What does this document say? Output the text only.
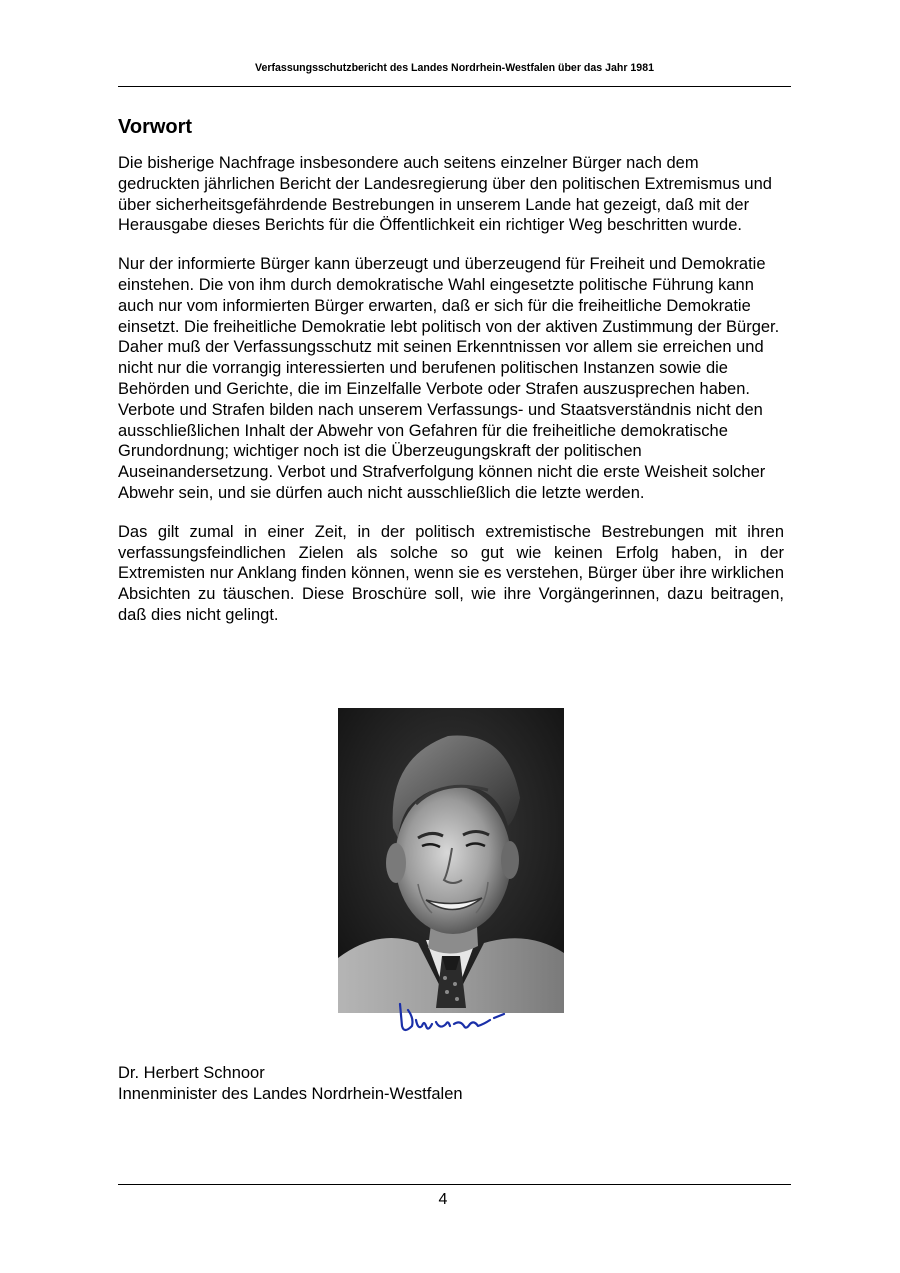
Verfassungsschutzbericht des Landes Nordrhein-Westfalen über das Jahr 1981
Vorwort

Die bisherige Nachfrage insbesondere auch seitens einzelner Bürger nach dem gedruckten jährlichen Bericht der Landesregierung über den politischen Extremismus und über sicherheitsgefährdende Bestrebungen in unserem Lande hat gezeigt, daß mit der Herausgabe dieses Berichts für die Öffentlichkeit ein richtiger Weg beschritten wurde.

Nur der informierte Bürger kann überzeugt und überzeugend für Freiheit und Demokratie einstehen. Die von ihm durch demokratische Wahl eingesetzte politische Führung kann auch nur vom informierten Bürger erwarten, daß er sich für die freiheitliche Demokratie einsetzt. Die freiheitliche Demokratie lebt politisch von der aktiven Zustimmung der Bürger. Daher muß der Verfassungsschutz mit seinen Erkenntnissen vor allem sie erreichen und nicht nur die vorrangig interessierten und berufenen politischen Instanzen sowie die Behörden und Gerichte, die im Einzelfalle Verbote oder Strafen auszusprechen haben. Verbote und Strafen bilden nach unserem Verfassungs- und Staatsverständnis nicht den ausschließlichen Inhalt der Abwehr von Gefahren für die freiheitliche demokratische Grundordnung; wichtiger noch ist die Überzeugungskraft der politischen Auseinandersetzung. Verbot und Strafverfolgung können nicht die erste Weisheit solcher Abwehr sein, und sie dürfen auch nicht ausschließlich die letzte werden.

Das gilt zumal in einer Zeit, in der politisch extremistische Bestrebungen mit ihren verfassungsfeindlichen Zielen als solche so gut wie keinen Erfolg haben, in der Extremisten nur Anklang finden können, wenn sie es verstehen, Bürger über ihre wirklichen Absichten zu täuschen. Diese Broschüre soll, wie ihre Vorgängerinnen, dazu beitragen, daß dies nicht gelingt.

Dr. Herbert Schnoor
Innenminister des Landes Nordrhein-Westfalen
4
